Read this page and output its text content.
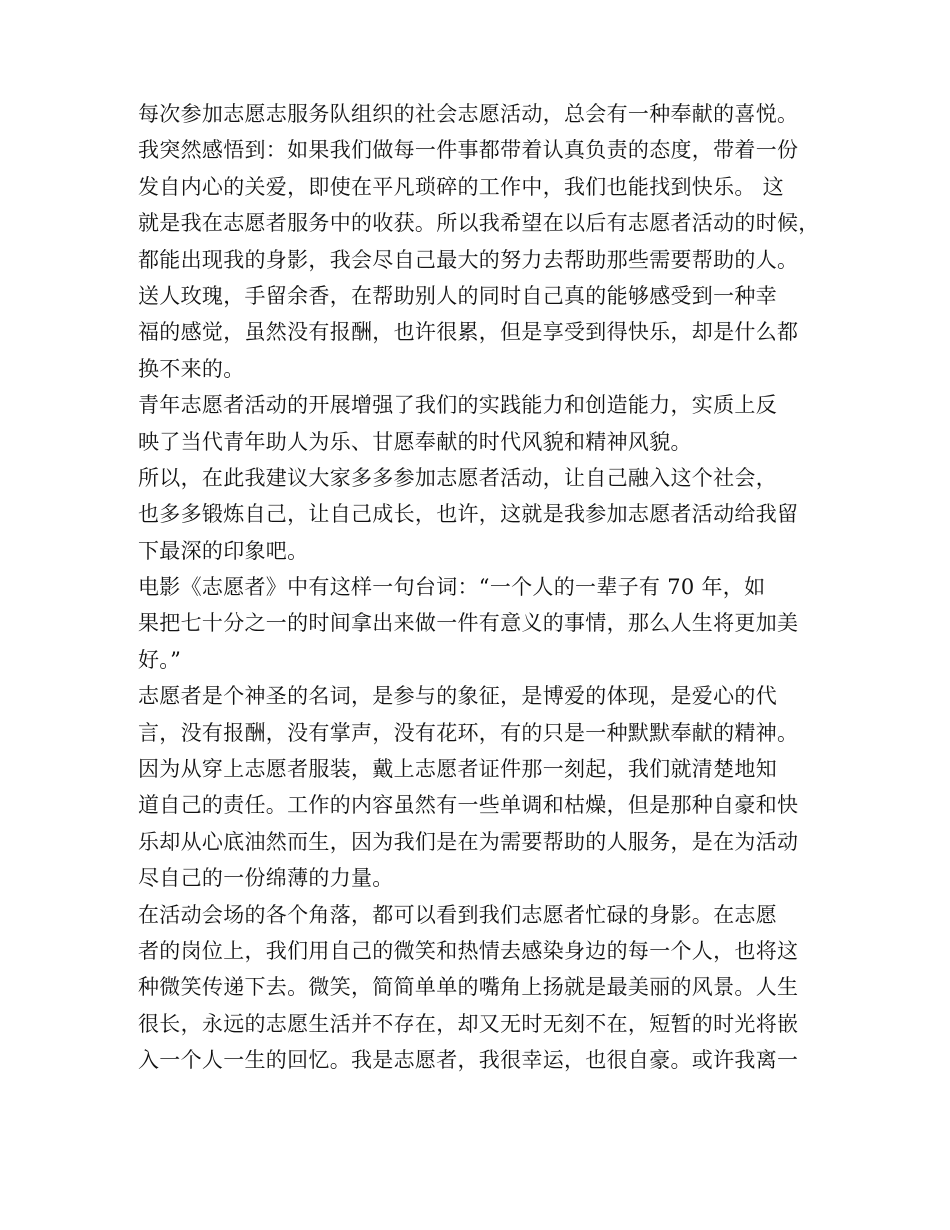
每次参加志愿志服务队组织的社会志愿活动，总会有一种奉献的喜悦。
我突然感悟到：如果我们做每一件事都带着认真负责的态度，带着一份
发自内心的关爱，即使在平凡琐碎的工作中，我们也能找到快乐。 这
就是我在志愿者服务中的收获。所以我希望在以后有志愿者活动的时候，
都能出现我的身影，我会尽自己最大的努力去帮助那些需要帮助的人。
送人玫瑰，手留余香，在帮助别人的同时自己真的能够感受到一种幸
福的感觉，虽然没有报酬，也许很累，但是享受到得快乐，却是什么都
换不来的。
青年志愿者活动的开展增强了我们的实践能力和创造能力，实质上反
映了当代青年助人为乐、甘愿奉献的时代风貌和精神风貌。
所以，在此我建议大家多多参加志愿者活动，让自己融入这个社会，
也多多锻炼自己，让自己成长，也许，这就是我参加志愿者活动给我留
下最深的印象吧。
电影《志愿者》中有这样一句台词：“一个人的一辈子有 70 年，如
果把七十分之一的时间拿出来做一件有意义的事情，那么人生将更加美
好。”
志愿者是个神圣的名词，是参与的象征，是博爱的体现，是爱心的代
言，没有报酬，没有掌声，没有花环，有的只是一种默默奉献的精神。
因为从穿上志愿者服装，戴上志愿者证件那一刻起，我们就清楚地知
道自己的责任。工作的内容虽然有一些单调和枯燥，但是那种自豪和快
乐却从心底油然而生，因为我们是在为需要帮助的人服务，是在为活动
尽自己的一份绵薄的力量。
在活动会场的各个角落，都可以看到我们志愿者忙碌的身影。在志愿
者的岗位上，我们用自己的微笑和热情去感染身边的每一个人，也将这
种微笑传递下去。微笑，简简单单的嘴角上扬就是最美丽的风景。人生
很长，永远的志愿生活并不存在，却又无时无刻不在，短暂的时光将嵌
入一个人一生的回忆。我是志愿者，我很幸运，也很自豪。或许我离一
